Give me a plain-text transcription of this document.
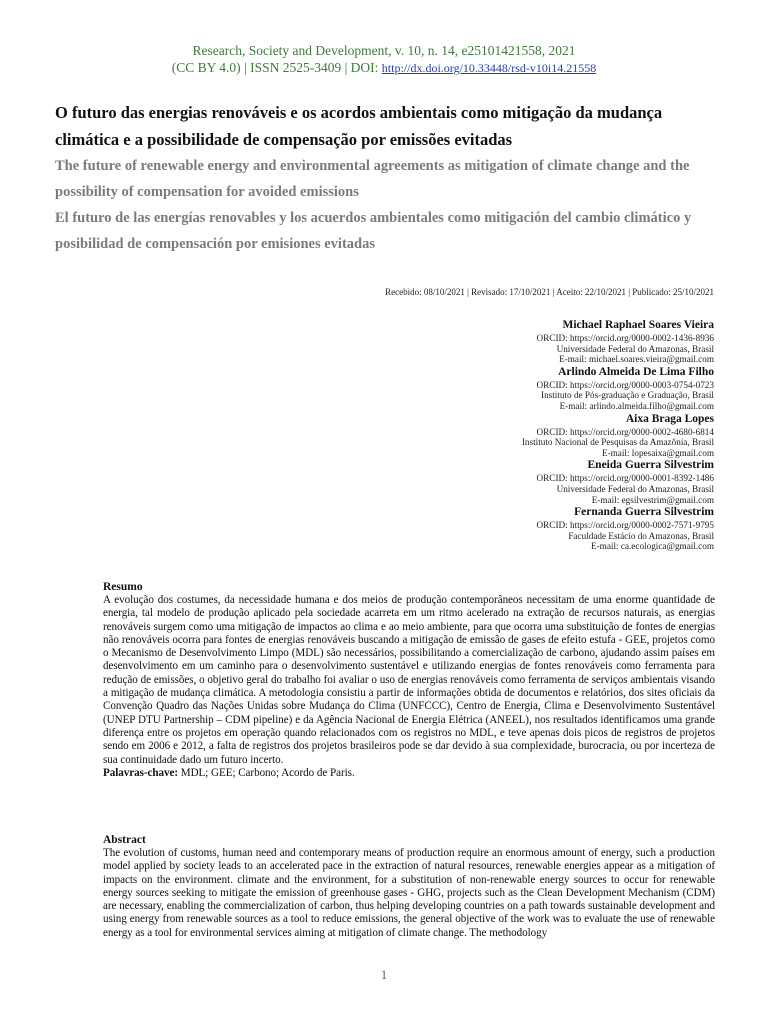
Research, Society and Development, v. 10, n. 14, e25101421558, 2021
(CC BY 4.0) | ISSN 2525-3409 | DOI: http://dx.doi.org/10.33448/rsd-v10i14.21558

O futuro das energias renováveis e os acordos ambientais como mitigação da mudança climática e a possibilidade de compensação por emissões evitadas

The future of renewable energy and environmental agreements as mitigation of climate change and the possibility of compensation for avoided emissions

El futuro de las energías renovables y los acuerdos ambientales como mitigación del cambio climático y posibilidad de compensación por emisiones evitadas

Recebido: 08/10/2021 | Revisado: 17/10/2021 | Aceito: 22/10/2021 | Publicado: 25/10/2021
Michael Raphael Soares Vieira
ORCID: https://orcid.org/0000-0002-1436-8936
Universidade Federal do Amazonas, Brasil
E-mail: michael.soares.vieira@gmail.com
Arlindo Almeida De Lima Filho
ORCID: https://orcid.org/0000-0003-0754-0723
Instituto de Pós-graduação e Graduação, Brasil
E-mail: arlindo.almeida.filho@gmail.com
Aixa Braga Lopes
ORCID: https://orcid.org/0000-0002-4680-6814
Instituto Nacional de Pesquisas da Amazônia, Brasil
E-mail: lopesaixa@gmail.com
Eneida Guerra Silvestrim
ORCID: https://orcid.org/0000-0001-8392-1486
Universidade Federal do Amazonas, Brasil
E-mail: egsilvestrim@gmail.com
Fernanda Guerra Silvestrim
ORCID: https://orcid.org/0000-0002-7571-9795
Faculdade Estácio do Amazonas, Brasil
E-mail: ca.ecologica@gmail.com
Resumo
A evolução dos costumes, da necessidade humana e dos meios de produção contemporâneos necessitam de uma enorme quantidade de energia, tal modelo de produção aplicado pela sociedade acarreta em um ritmo acelerado na extração de recursos naturais, as energias renováveis surgem como uma mitigação de impactos ao clima e ao meio ambiente, para que ocorra uma substituição de fontes de energias não renováveis ocorra para fontes de energias renováveis buscando a mitigação de emissão de gases de efeito estufa - GEE, projetos como o Mecanismo de Desenvolvimento Limpo (MDL) são necessários, possibilitando a comercialização de carbono, ajudando assim países em desenvolvimento em um caminho para o desenvolvimento sustentável e utilizando energias de fontes renováveis como ferramenta para redução de emissões, o objetivo geral do trabalho foi avaliar o uso de energias renováveis como ferramenta de serviços ambientais visando a mitigação de mudança climática. A metodologia consistiu a partir de informações obtida de documentos e relatórios, dos sites oficiais da Convenção Quadro das Nações Unidas sobre Mudança do Clima (UNFCCC), Centro de Energia, Clima e Desenvolvimento Sustentável (UNEP DTU Partnership – CDM pipeline) e da Agência Nacional de Energia Elétrica (ANEEL), nos resultados identificamos uma grande diferença entre os projetos em operação quando relacionados com os registros no MDL, e teve apenas dois picos de registros de projetos sendo em 2006 e 2012, a falta de registros dos projetos brasileiros pode se dar devido à sua complexidade, burocracia, ou por incerteza de sua continuidade dado um futuro incerto.
Palavras-chave: MDL; GEE; Carbono; Acordo de Paris.
Abstract
The evolution of customs, human need and contemporary means of production require an enormous amount of energy, such a production model applied by society leads to an accelerated pace in the extraction of natural resources, renewable energies appear as a mitigation of impacts on the environment. climate and the environment, for a substitution of non-renewable energy sources to occur for renewable energy sources seeking to mitigate the emission of greenhouse gases - GHG, projects such as the Clean Development Mechanism (CDM) are necessary, enabling the commercialization of carbon, thus helping developing countries on a path towards sustainable development and using energy from renewable sources as a tool to reduce emissions, the general objective of the work was to evaluate the use of renewable energy as a tool for environmental services aiming at mitigation of climate change. The methodology
1
